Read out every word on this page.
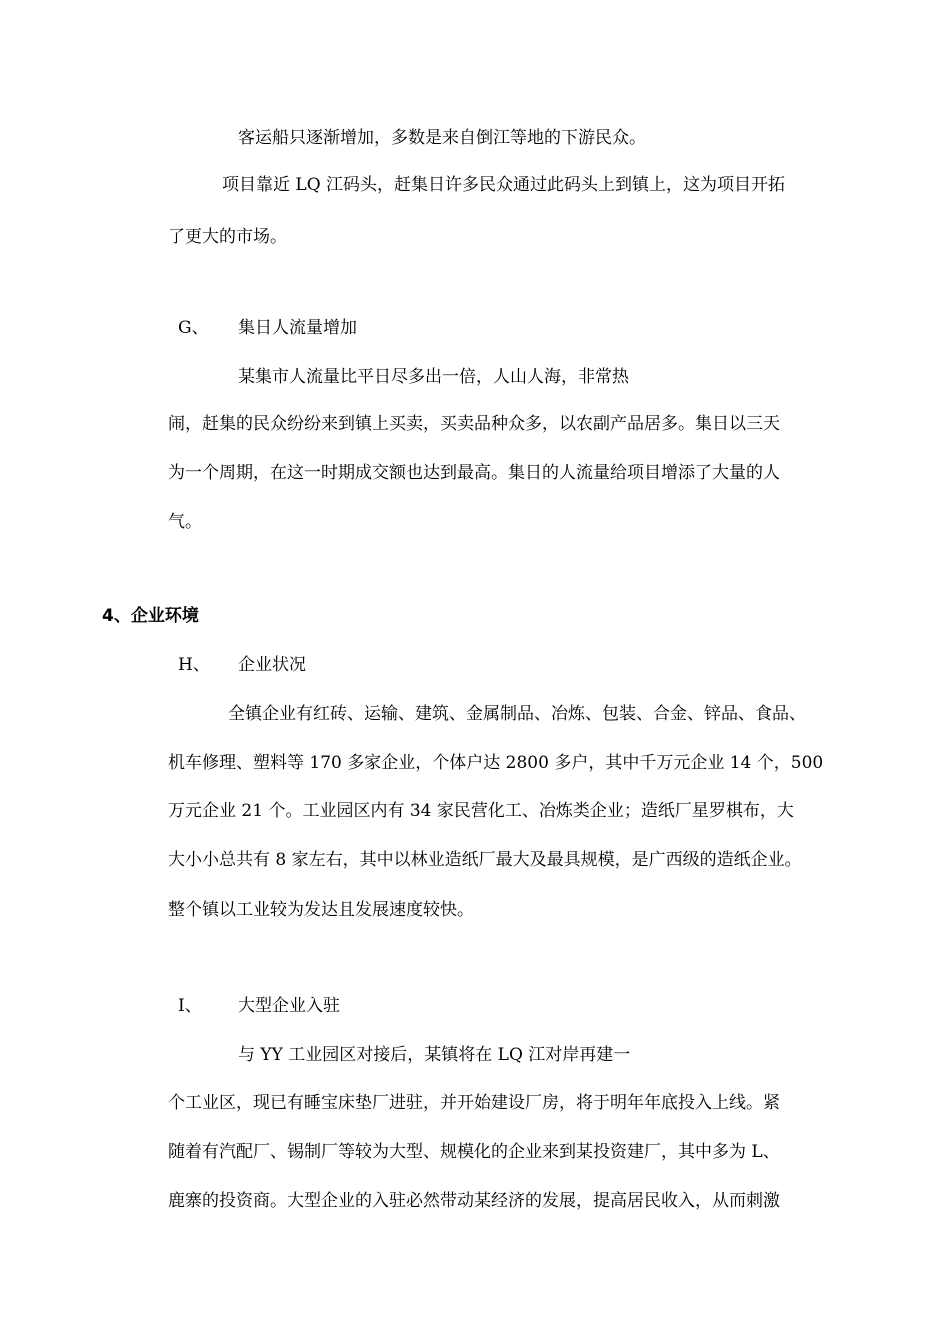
客运船只逐渐增加，多数是来自倒江等地的下游民众。
项目靠近 LQ 江码头，赶集日许多民众通过此码头上到镇上，这为项目开拓
了更大的市场。
G、 集日人流量增加
某集市人流量比平日尽多出一倍，人山人海，非常热
闹，赶集的民众纷纷来到镇上买卖，买卖品种众多，以农副产品居多。集日以三天
为一个周期，在这一时期成交额也达到最高。集日的人流量给项目增添了大量的人
气。
4、企业环境
H、 企业状况
全镇企业有红砖、运输、建筑、金属制品、冶炼、包装、合金、锌品、食品、
机车修理、塑料等 170 多家企业，个体户达 2800 多户，其中千万元企业 14 个，500
万元企业 21 个。工业园区内有 34 家民营化工、冶炼类企业；造纸厂星罗棋布，大
大小小总共有 8 家左右，其中以林业造纸厂最大及最具规模，是广西级的造纸企业。
整个镇以工业较为发达且发展速度较快。
I、 大型企业入驻
与 YY 工业园区对接后，某镇将在 LQ 江对岸再建一
个工业区，现已有睡宝床垫厂进驻，并开始建设厂房，将于明年年底投入上线。紧
随着有汽配厂、锡制厂等较为大型、规模化的企业来到某投资建厂，其中多为 L、
鹿寨的投资商。大型企业的入驻必然带动某经济的发展，提高居民收入，从而刺激
